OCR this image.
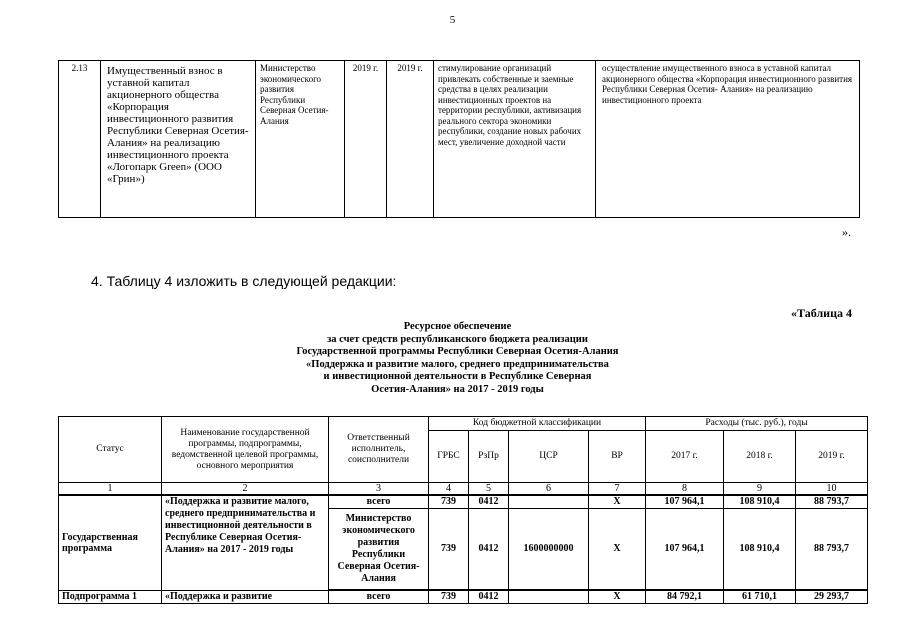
5
2.13	Имущественный взнос в уставной капитал акционерного общества «Корпорация инвестиционного развития Республики Северная Осетия-Алания» на реализацию инвестиционного проекта «Логопарк Green» (ООО «Грин»)	Министерство экономического развития Республики Северная Осетия-Алания	2019 г.	2019 г.	стимулирование организаций привлекать собственные и заемные средства в целях реализации инвестиционных проектов на территории республики, активизация реального сектора экономики республики, создание новых рабочих мест, увеличение доходной части	осуществление имущественного взноса в уставной капитал акционерного общества «Корпорация инвестиционного развития Республики Северная Осетия- Алания» на реализацию инвестиционного проекта
».
4. Таблицу 4 изложить в следующей редакции:
«Таблица 4
Ресурсное обеспечение
за счет средств республиканского бюджета реализации
Государственной программы Республики Северная Осетия-Алания
«Поддержка и развитие малого, среднего предпринимательства
и инвестиционной деятельности в Республике Северная
Осетия-Алания» на 2017 - 2019 годы
Статус	Наименование государственной программы, подпрограммы, ведомственной целевой программы, основного мероприятия	Ответственный исполнитель, соисполнители	Код бюджетной классификации				Расходы (тыс. руб.), годы		
			ГРБС	РзПр	ЦСР	ВР	2017 г.	2018 г.	2019 г.
1	2	3	4	5	6	7	8	9	10
Государственная программа	«Поддержка и развитие малого, среднего предпринимательства и инвестиционной деятельности в Республике Северная Осетия-Алания» на 2017 - 2019 годы	всего	739	0412		Х	107 964,1	108 910,4	88 793,7
		Министерство экономического развития Республики Северная Осетия-Алания	739	0412	1600000000	Х	107 964,1	108 910,4	88 793,7
Подпрограмма 1	«Поддержка и развитие	всего	739	0412		Х	84 792,1	61 710,1	29 293,7
